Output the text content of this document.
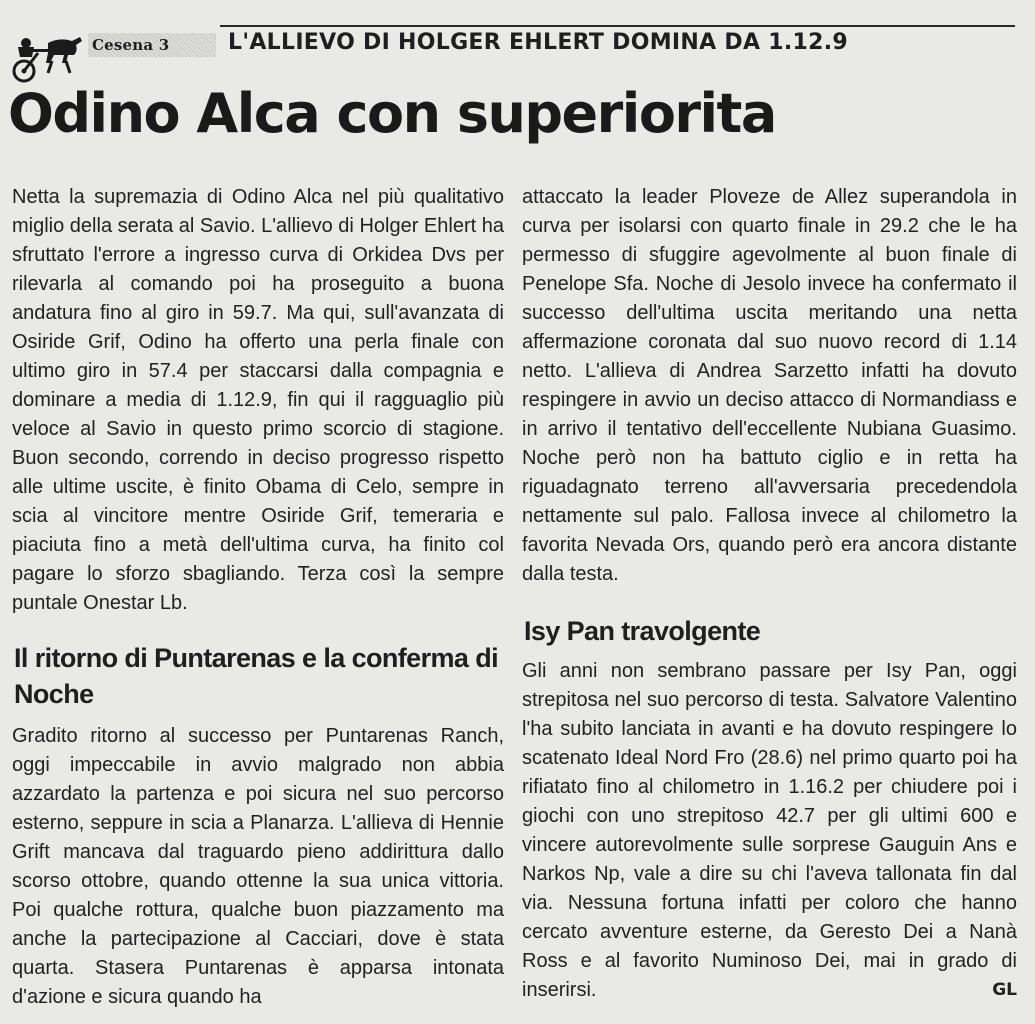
Cesena 3	L'ALLIEVO DI HOLGER EHLERT DOMINA DA 1.12.9
Odino Alca con superiorita

Netta la supremazia di Odino Alca nel più qualitativo miglio della serata al Savio. L'allievo di Holger Ehlert ha sfruttato l'errore a ingresso curva di Orkidea Dvs per rilevarla al comando poi ha proseguito a buona andatura fino al giro in 59.7. Ma qui, sull'avanzata di Osiride Grif, Odino ha offerto una perla finale con ultimo giro in 57.4 per staccarsi dalla compagnia e dominare a media di 1.12.9, fin qui il ragguaglio più veloce al Savio in questo primo scorcio di stagione. Buon secondo, correndo in deciso progresso rispetto alle ultime uscite, è finito Obama di Celo, sempre in scia al vincitore mentre Osiride Grif, temeraria e piaciuta fino a metà dell'ultima curva, ha finito col pagare lo sforzo sbagliando. Terza così la sempre puntale Onestar Lb.

Il ritorno di Puntarenas e la conferma di Noche

Gradito ritorno al successo per Puntarenas Ranch, oggi impeccabile in avvio malgrado non abbia azzardato la partenza e poi sicura nel suo percorso esterno, seppure in scia a Planarza. L'allieva di Hennie Grift mancava dal traguardo pieno addirittura dallo scorso ottobre, quando ottenne la sua unica vittoria. Poi qualche rottura, qualche buon piazzamento ma anche la partecipazione al Cacciari, dove è stata quarta. Stasera Puntarenas è apparsa intonata d'azione e sicura quando ha

attaccato la leader Ploveze de Allez superandola in curva per isolarsi con quarto finale in 29.2 che le ha permesso di sfuggire agevolmente al buon finale di Penelope Sfa. Noche di Jesolo invece ha confermato il successo dell'ultima uscita meritando una netta affermazione coronata dal suo nuovo record di 1.14 netto. L'allieva di Andrea Sarzetto infatti ha dovuto respingere in avvio un deciso attacco di Normandiass e in arrivo il tentativo dell'eccellente Nubiana Guasimo. Noche però non ha battuto ciglio e in retta ha riguadagnato terreno all'avversaria precedendola nettamente sul palo. Fallosa invece al chilometro la favorita Nevada Ors, quando però era ancora distante dalla testa.

Isy Pan travolgente

Gli anni non sembrano passare per Isy Pan, oggi strepitosa nel suo percorso di testa. Salvatore Valentino l'ha subito lanciata in avanti e ha dovuto respingere lo scatenato Ideal Nord Fro (28.6) nel primo quarto poi ha rifiatato fino al chilometro in 1.16.2 per chiudere poi i giochi con uno strepitoso 42.7 per gli ultimi 600 e vincere autorevolmente sulle sorprese Gauguin Ans e Narkos Np, vale a dire su chi l'aveva tallonata fin dal via. Nessuna fortuna infatti per coloro che hanno cercato avventure esterne, da Geresto Dei a Nanà Ross e al favorito Numinoso Dei, mai in grado di inserirsi.	GL
